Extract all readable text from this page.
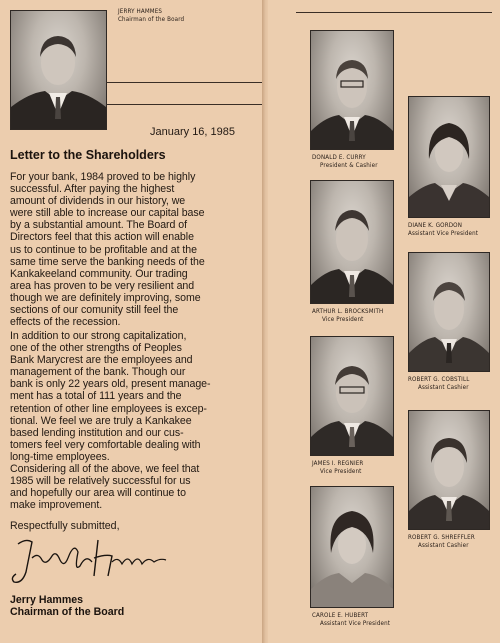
JERRY HAMMES
Chairman of the Board
January 16, 1985
Letter to the Shareholders

For your bank, 1984 proved to be highly
successful. After paying the highest
amount of dividends in our history, we
were still able to increase our capital base
by a substantial amount. The Board of
Directors feel that this action will enable
us to continue to be profitable and at the
same time serve the banking needs of the
Kankakeeland community. Our trading
area has proven to be very resilient and
though we are definitely improving, some
sections of our comunity still feel the
effects of the recession.

In addition to our strong capitalization,
one of the other strengths of Peoples
Bank Marycrest are the employees and
management of the bank. Though our
bank is only 22 years old, present manage-
ment has a total of 111 years and the
retention of other line employees is excep-
tional. We feel we are truly a Kankakee
based lending institution and our cus-
tomers feel very comfortable dealing with
long-time employees.

Considering all of the above, we feel that
1985 will be relatively successful for us
and hopefully our area will continue to
make improvement.

Respectfully submitted,
Jerry Hammes
Chairman of the Board
DONALD E. CURRY
President & Cashier
DIANE K. GORDON
Assistant Vice President
ARTHUR L. BROCKSMITH
Vice President
ROBERT G. COBSTILL
Assistant Cashier
JAMES I. REGNIER
Vice President
ROBERT G. SHREFFLER
Assistant Cashier
CAROLE E. HUBERT
Assistant Vice President
